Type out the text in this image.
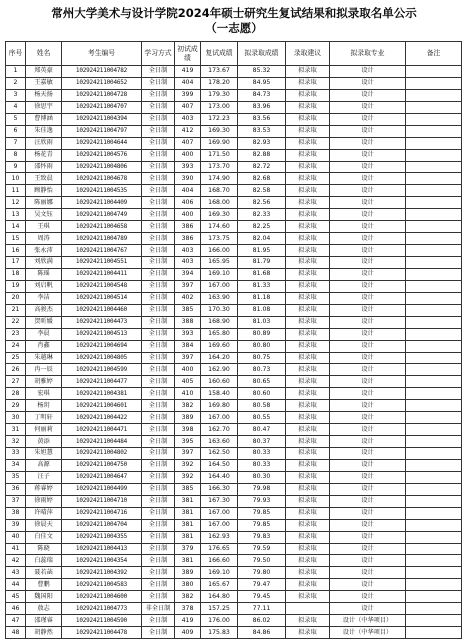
常州大学美术与设计学院2024年硕士研究生复试结果和拟录取名单公示
（一志愿）
序号	姓名	考生编号	学习方式	初试成绩	复试成绩	拟录取成绩	录取建议	拟录取专业	备注
1	郑英豪	102924211004782	全日制	419	173.67	85.32	拟录取	设计	
2	王嘉敏	102924211004652	全日制	404	178.20	84.95	拟录取	设计	
3	杨天扬	102924211004728	全日制	399	179.30	84.73	拟录取	设计	
4	徐思宇	102924211004707	全日制	407	173.00	83.96	拟录取	设计	
5	曹博涵	102924211004394	全日制	403	172.23	83.56	拟录取	设计	
6	朱佳逸	102924211004797	全日制	412	169.30	83.53	拟录取	设计	
7	汪欣雨	102924211004644	全日制	407	169.90	82.93	拟录取	设计	
8	杨花青	102924211004576	全日制	400	171.50	82.88	拟录取	设计	
9	邵怀雨	102924211004806	全日制	393	173.70	82.72	拟录取	设计	
10	王致晨	102924211004678	全日制	390	174.90	82.68	拟录取	设计	
11	顾静怡	102924211004535	全日制	404	168.70	82.58	拟录取	设计	
12	陈丽娜	102924211004409	全日制	406	168.00	82.56	拟录取	设计	
13	吴文钰	102924211004749	全日制	400	169.30	82.33	拟录取	设计	
14	王琪	102924211004658	全日制	386	174.60	82.25	拟录取	设计	
15	周涛	102924211004789	全日制	386	173.75	82.04	拟录取	设计	
16	张永沛	102924211004767	全日制	403	166.00	81.95	拟录取	设计	
17	刘欣满	102924211004551	全日制	403	165.95	81.79	拟录取	设计	
18	陈瑶	102924211004411	全日制	394	169.10	81.68	拟录取	设计	
19	刘启帆	102924211004548	全日制	397	167.00	81.33	拟录取	设计	
20	李洁	102924211004514	全日制	402	163.90	81.18	拟录取	设计	
21	高骏杰	102924211004460	全日制	385	170.30	81.08	拟录取	设计	
22	贺昕媛	102924211004473	全日制	388	168.90	81.03	拟录取	设计	
23	李晨	102924211004513	全日制	393	165.80	80.89	拟录取	设计	
24	肖鑫	102924211004694	全日制	384	169.60	80.80	拟录取	设计	
25	朱越琳	102924211004805	全日制	397	164.20	80.75	拟录取	设计	
26	冉一辰	102924211004599	全日制	400	162.90	80.73	拟录取	设计	
27	胡雅婷	102924211004477	全日制	405	160.60	80.65	拟录取	设计	
28	宏琪	102924211004381	全日制	410	158.40	80.60	拟录取	设计	
29	杨玥	102924211004601	全日制	382	169.80	80.58	拟录取	设计	
30	丁明轩	102924211004422	全日制	389	167.00	80.55	拟录取	设计	
31	何丽莉	102924211004471	全日制	398	162.70	80.47	拟录取	设计	
32	黄添	102924211004484	全日制	395	163.60	80.37	拟录取	设计	
33	朱妲慧	102924211004802	全日制	397	162.50	80.33	拟录取	设计	
34	高源	102924211004750	全日制	392	164.50	80.33	拟录取	设计	
35	汪子	102924211004647	全日制	392	164.40	80.30	拟录取	设计	
36	蒋睿婷	102924211004499	全日制	385	166.30	79.98	拟录取	设计	
37	徐雨婷	102924211004710	全日制	381	167.30	79.93	拟录取	设计	
38	许晴萍	102924211004716	全日制	381	167.00	79.85	拟录取	设计	
39	徐晨天	102924211004704	全日制	381	167.00	79.85	拟录取	设计	
40	白佳文	102924211004355	全日制	381	162.93	79.83	拟录取	设计	
41	陈晓	102924211004413	全日制	379	176.65	79.59	拟录取	设计	
42	白蕊瑞	102924211004354	全日制	381	166.60	79.50	拟录取	设计	
43	聂若菡	102924211004392	全日制	389	169.10	79.80	拟录取	设计	
44	曹鹏	102924211004583	全日制	380	165.67	79.47	拟录取	设计	
45	魏国阳	102924211004600	全日制	382	164.80	79.45	拟录取	设计	
46	敖志	102924211004773	非全日制	378	157.25	77.11		设计	
47	邵瑾睿	102924211004590	全日制	419	176.00	86.02	拟录取	设计（中华项目）	
48	胡静然	102924211004478	全日制	409	175.83	84.86	拟录取	设计（中华项目）	
